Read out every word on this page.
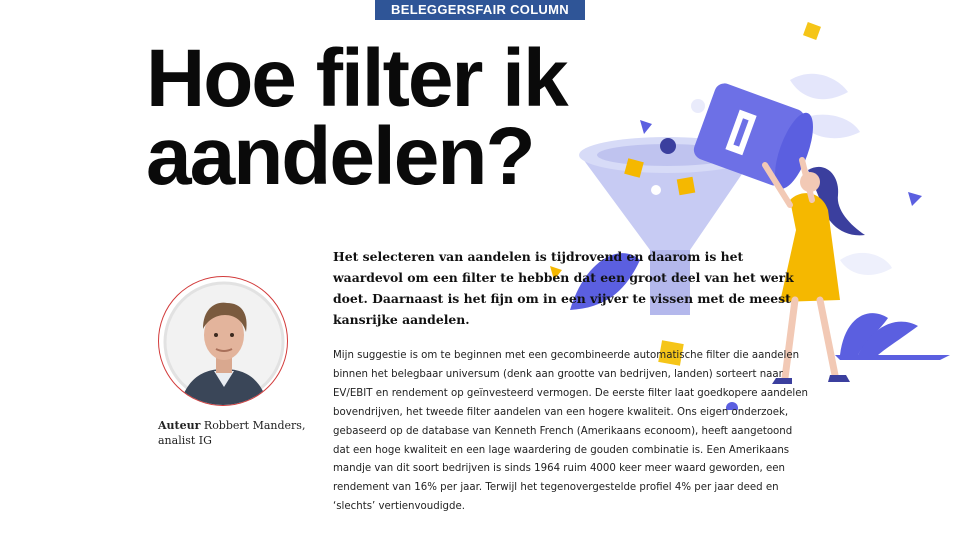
BELEGGERSFAIR COLUMN
Hoe filter ik
aandelen?

Het selecteren van aandelen is tijdrovend en daarom is het waardevol om een filter te hebben dat een groot deel van het werk doet. Daarnaast is het fijn om in een vijver te vissen met de meest kansrijke aandelen.

Auteur Robbert Manders,
analist IG

Mijn suggestie is om te beginnen met een gecombineerde automatische filter die aandelen binnen het belegbaar universum (denk aan grootte van bedrijven, landen) sorteert naar EV/EBIT en rendement op geïnvesteerd vermogen. De eerste filter laat goedkopere aandelen bovendrijven, het tweede filter aandelen van een hogere kwaliteit. Ons eigen onderzoek, gebaseerd op de database van Kenneth French (Amerikaans econoom), heeft aangetoond dat een hoge kwaliteit en een lage waardering de gouden combinatie is. Een Amerikaans mandje van dit soort bedrijven is sinds 1964 ruim 4000 keer meer waard geworden, een rendement van 16% per jaar. Terwijl het tegenovergestelde profiel 4% per jaar deed en ‘slechts’ vertienvoudigde.
